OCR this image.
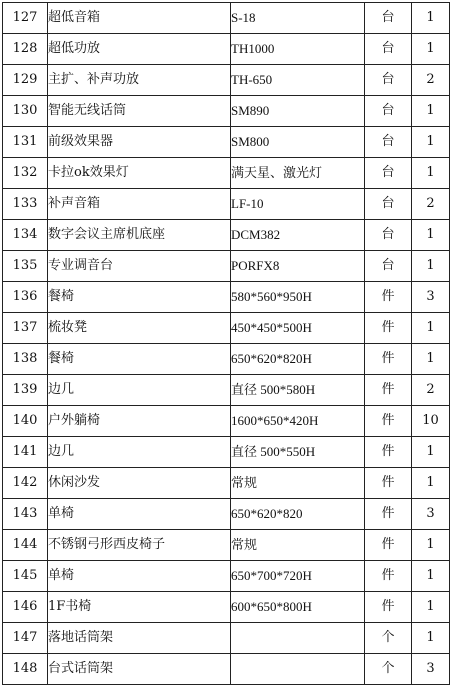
127	超低音箱	S-18	台	1
128	超低功放	TH1000	台	1
129	主扩、补声功放	TH-650	台	2
130	智能无线话筒	SM890	台	1
131	前级效果器	SM800	台	1
132	卡拉ok效果灯	满天星、激光灯	台	1
133	补声音箱	LF-10	台	2
134	数字会议主席机底座	DCM382	台	1
135	专业调音台	PORFX8	台	1
136	餐椅	580*560*950H	件	3
137	梳妆凳	450*450*500H	件	1
138	餐椅	650*620*820H	件	1
139	边几	直径 500*580H	件	2
140	户外躺椅	1600*650*420H	件	10
141	边几	直径 500*550H	件	1
142	休闲沙发	常规	件	1
143	单椅	650*620*820	件	3
144	不锈钢弓形西皮椅子	常规	件	1
145	单椅	650*700*720H	件	1
146	1F书椅	600*650*800H	件	1
147	落地话筒架		个	1
148	台式话筒架		个	3
